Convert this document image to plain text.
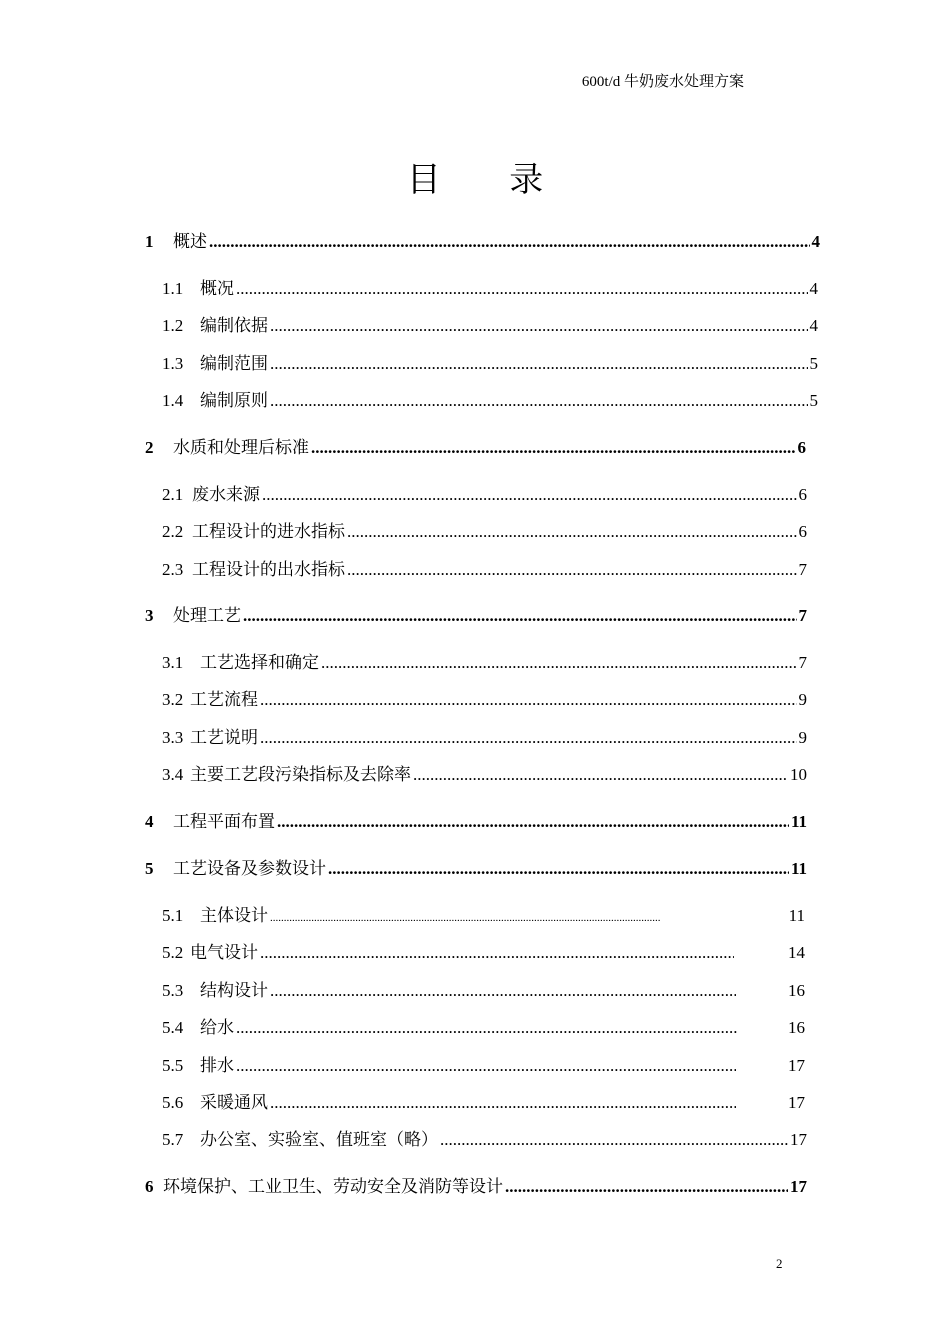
600t/d 牛奶废水处理方案
目 录
1	概述 .....	4
1.1 概况 .....	4
1.2 编制依据 .....	4
1.3 编制范围 .....	5
1.4 编制原则 .....	5
2	水质和处理后标准 .....	6
2.1 废水来源 .....	6
2.2 工程设计的进水指标 .....	6
2.3 工程设计的出水指标 .....	7
3	处理工艺 .....	7
3.1 工艺选择和确定 .....	7
3.2 工艺流程 .....	9
3.3 工艺说明 .....	9
3.4 主要工艺段污染指标及去除率 .....	10
4	工程平面布置 .....	11
5	工艺设备及参数设计 .....	11
5.1 主体设计 .....	11
5.2 电气设计 .....	14
5.3 结构设计 .....	16
5.4 给水 .....	16
5.5 排水 .....	17
5.6 采暖通风 .....	17
5.7 办公室、实验室、值班室（略） .....	17
6 环境保护、工业卫生、劳动安全及消防等设计 .....	17
2
